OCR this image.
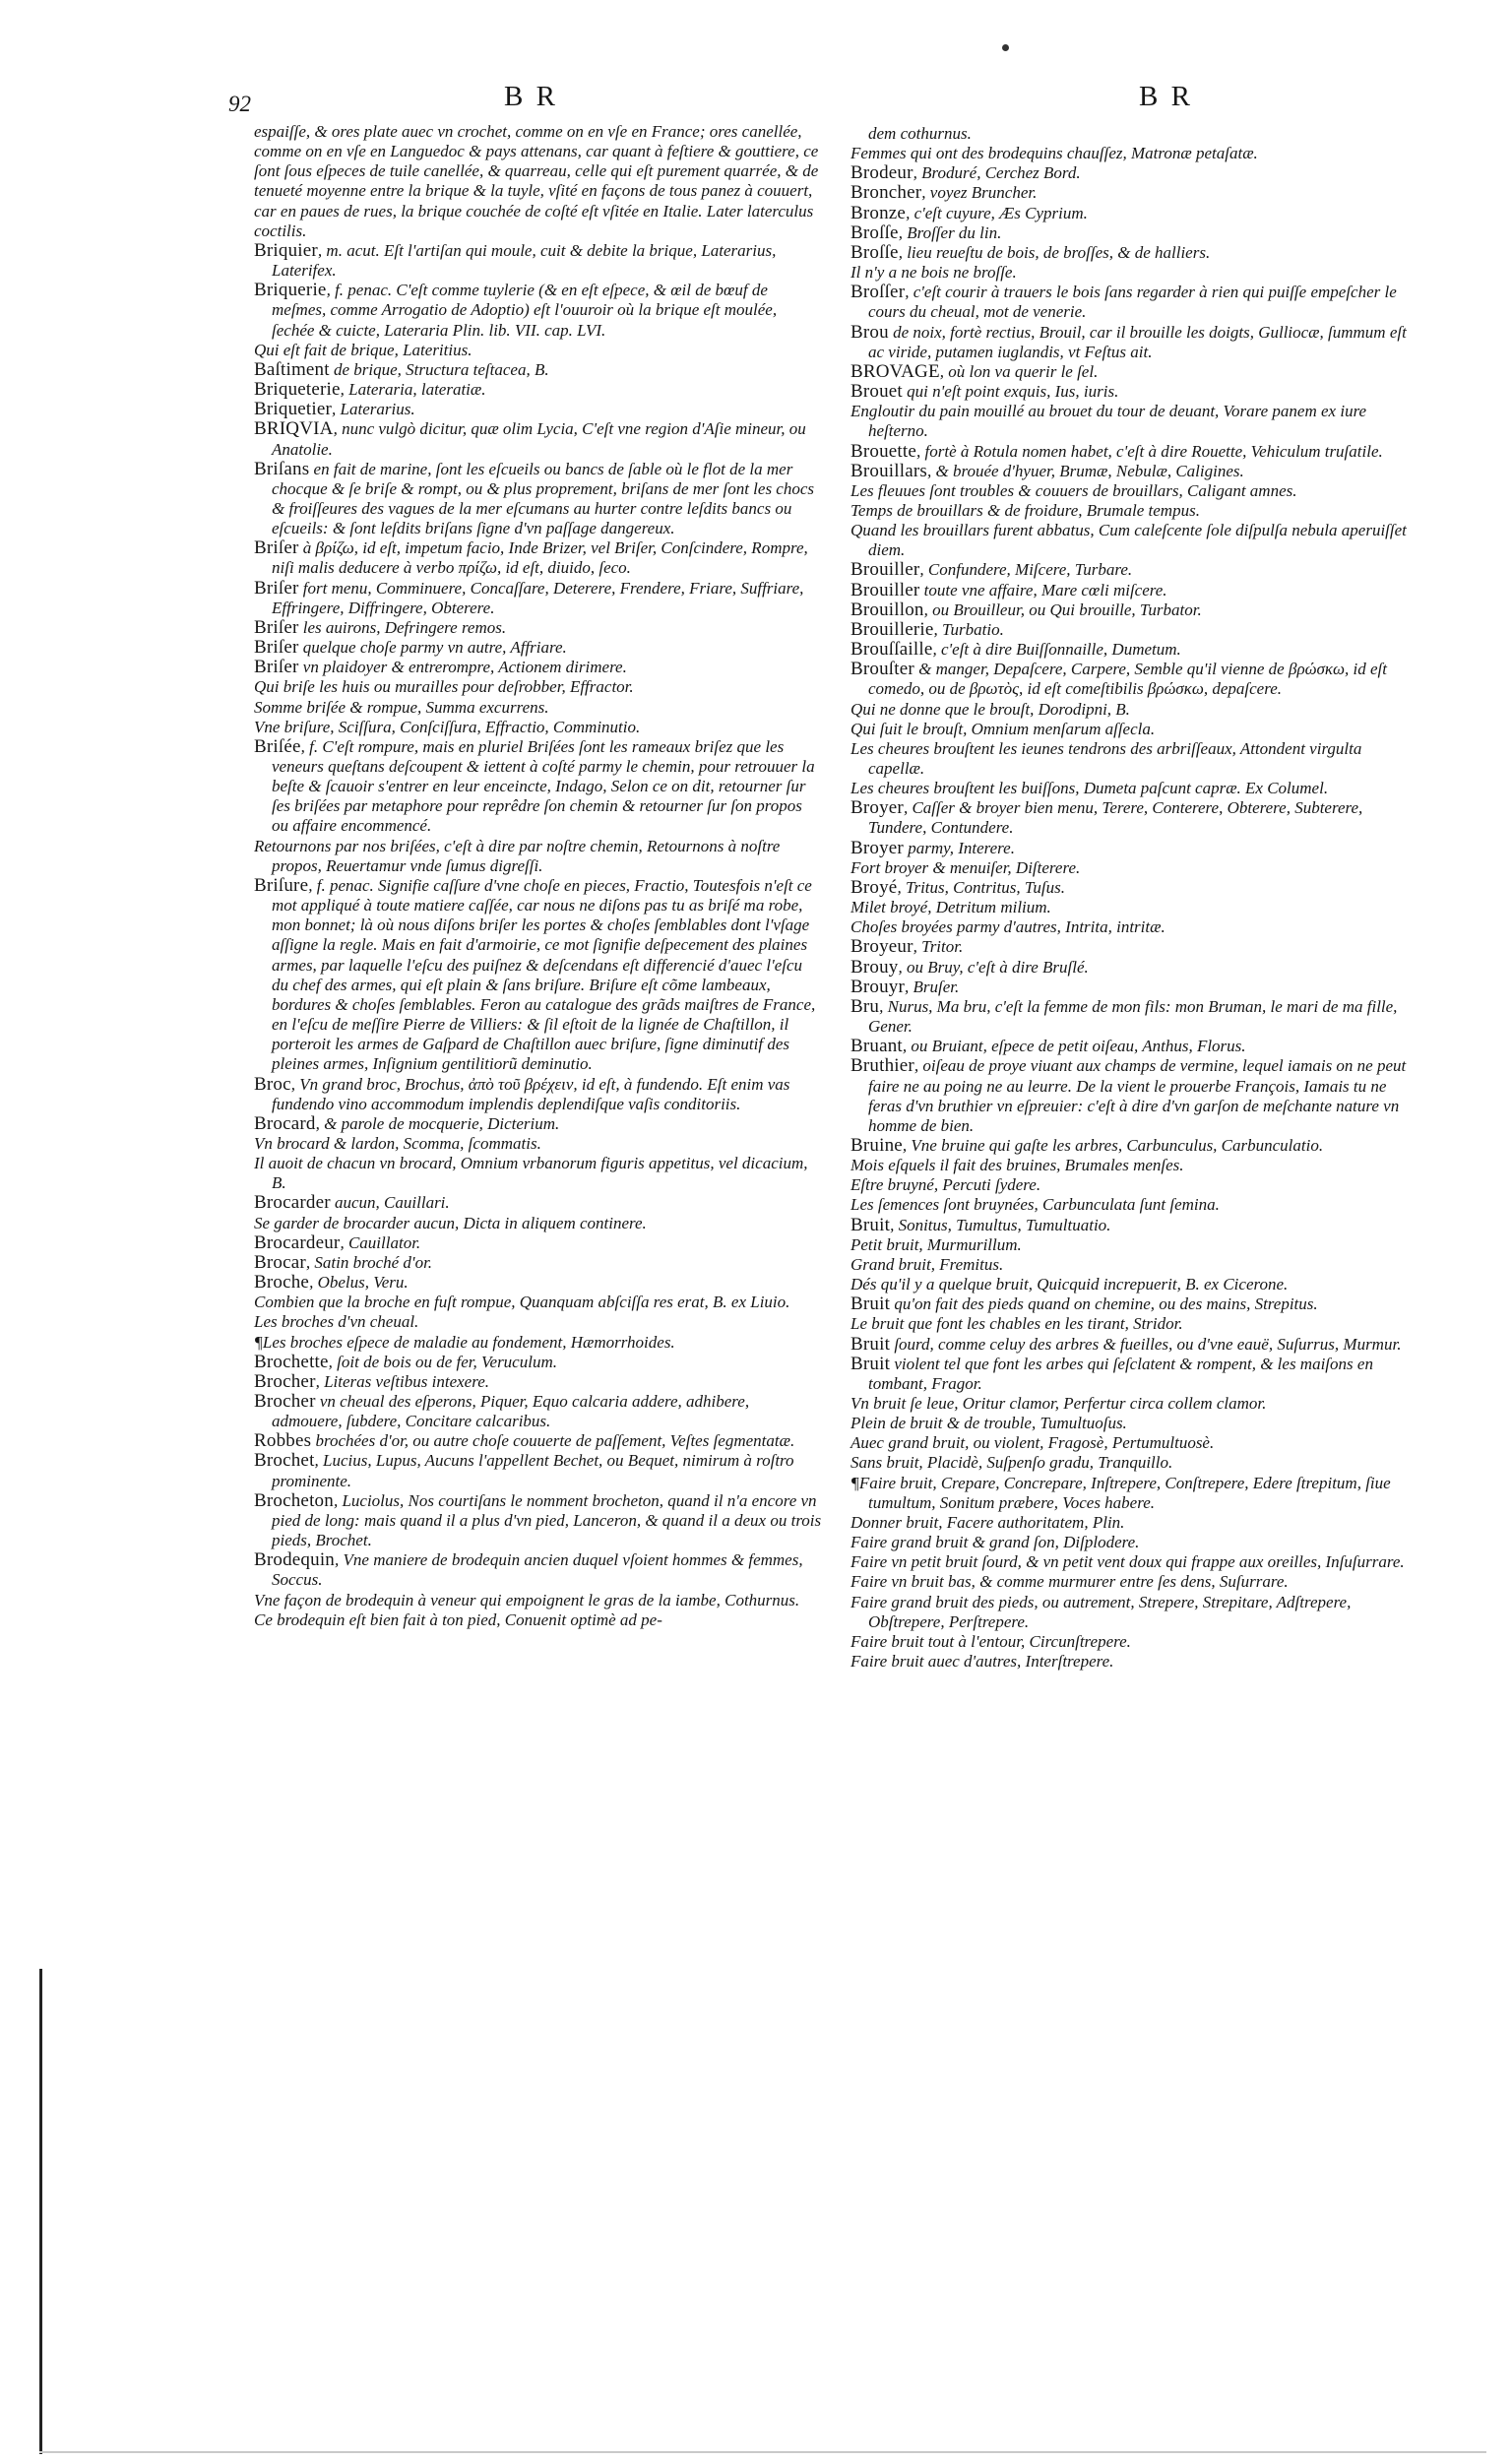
92	B R	B R

espaiſſe, & ores plate auec vn crochet, comme on en vſe en France; ores canellée, comme on en vſe en Languedoc & pays attenans, car quant à feſtiere & gouttiere, ce ſont ſous eſpeces de tuile canellée, & quarreau, celle qui eſt purement quarrée, & de tenueté moyenne entre la brique & la tuyle, vſité en façons de tous panez à couuert, car en paues de rues, la brique couchée de coſté eſt vſitée en Italie. Later laterculus coctilis.

Briquier, m. acut. Eſt l'artiſan qui moule, cuit & debite la brique, Laterarius, Laterifex.

Briquerie, f. penac. C'eſt comme tuylerie (& en eſt eſpece, & œil de bœuf de meſmes, comme Arrogatio de Adoptio) eſt l'ouuroir où la brique eſt moulée, ſechée & cuicte, Lateraria Plin. lib. VII. cap. LVI.

Qui eſt fait de brique, Lateritius.

Baſtiment de brique, Structura teſtacea, B.

Briqueterie, Lateraria, lateratiæ.

Briquetier, Laterarius.

BRIQVIA, nunc vulgò dicitur, quæ olim Lycia, C'eſt vne region d'Aſie mineur, ou Anatolie.

Briſans en fait de marine, ſont les eſcueils ou bancs de ſable où le flot de la mer chocque & ſe briſe & rompt, ou & plus proprement, briſans de mer ſont les chocs & froiſſeures des vagues de la mer eſcumans au hurter contre leſdits bancs ou eſcueils: & ſont leſdits briſans ſigne d'vn paſſage dangereux.

Briſer à βρίζω, id eſt, impetum facio, Inde Brizer, vel Briſer, Conſcindere, Rompre, niſi malis deducere à verbo πρίζω, id eſt, diuido, ſeco.

Briſer fort menu, Comminuere, Concaſſare, Deterere, Frendere, Friare, Suffriare, Effringere, Diffringere, Obterere.

Briſer les auirons, Defringere remos.

Briſer quelque choſe parmy vn autre, Affriare.

Briſer vn plaidoyer & entrerompre, Actionem dirimere.

Qui briſe les huis ou murailles pour deſrobber, Effractor.

Somme briſée & rompue, Summa excurrens.

Vne briſure, Sciſſura, Conſciſſura, Effractio, Comminutio.

Briſée, f. C'eſt rompure, mais en pluriel Briſées ſont les rameaux briſez que les veneurs queſtans deſcoupent & iettent à coſté parmy le chemin, pour retrouuer la beſte & ſcauoir s'entrer en leur enceincte, Indago, Selon ce on dit, retourner ſur ſes briſées par metaphore pour reprêdre ſon chemin & retourner ſur ſon propos ou affaire encommencé.

Retournons par nos briſées, c'eſt à dire par noſtre chemin, Retournons à noſtre propos, Reuertamur vnde ſumus digreſſi.

Briſure, f. penac. Signifie caſſure d'vne choſe en pieces, Fractio, Toutesfois n'eſt ce mot appliqué à toute matiere caſſée, car nous ne diſons pas tu as briſé ma robe, mon bonnet; là où nous diſons briſer les portes & choſes ſemblables dont l'vſage aſſigne la regle. Mais en fait d'armoirie, ce mot ſignifie deſpecement des plaines armes, par laquelle l'eſcu des puiſnez & deſcendans eſt differencié d'auec l'eſcu du chef des armes, qui eſt plain & ſans briſure. Briſure eſt cõme lambeaux, bordures & choſes ſemblables. Feron au catalogue des grãds maiſtres de France, en l'eſcu de meſſire Pierre de Villiers: & ſil eſtoit de la lignée de Chaſtillon, il porteroit les armes de Gaſpard de Chaſtillon auec briſure, ſigne diminutif des pleines armes, Inſignium gentilitiorũ deminutio.

Broc, Vn grand broc, Brochus, ἀπὸ τοῦ βρέχειν, id eſt, à fundendo. Eſt enim vas fundendo vino accommodum implendis deplendiſque vaſis conditoriis.

Brocard, & parole de mocquerie, Dicterium.

Vn brocard & lardon, Scomma, ſcommatis.

Il auoit de chacun vn brocard, Omnium vrbanorum figuris appetitus, vel dicacium, B.

Brocarder aucun, Cauillari.

Se garder de brocarder aucun, Dicta in aliquem continere.

Brocardeur, Cauillator.

Brocar, Satin broché d'or.

Broche, Obelus, Veru.

Combien que la broche en fuſt rompue, Quanquam abſciſſa res erat, B. ex Liuio.

Les broches d'vn cheual.

¶Les broches eſpece de maladie au fondement, Hæmorrhoides.

Brochette, ſoit de bois ou de fer, Veruculum.

Brocher, Literas veſtibus intexere.

Brocher vn cheual des eſperons, Piquer, Equo calcaria addere, adhibere, admouere, ſubdere, Concitare calcaribus.

Robbes brochées d'or, ou autre choſe couuerte de paſſement, Veſtes ſegmentatæ.

Brochet, Lucius, Lupus, Aucuns l'appellent Bechet, ou Bequet, nimirum à roſtro prominente.

Brocheton, Luciolus, Nos courtiſans le nomment brocheton, quand il n'a encore vn pied de long: mais quand il a plus d'vn pied, Lanceron, & quand il a deux ou trois pieds, Brochet.

Brodequin, Vne maniere de brodequin ancien duquel vſoient hommes & femmes, Soccus.

Vne façon de brodequin à veneur qui empoignent le gras de la iambe, Cothurnus.

Ce brodequin eſt bien fait à ton pied, Conuenit optimè ad pe-

dem cothurnus.

Femmes qui ont des brodequins chauſſez, Matronæ petaſatæ.

Brodeur, Broduré, Cerchez Bord.

Broncher, voyez Bruncher.

Bronze, c'eſt cuyure, Æs Cyprium.

Broſſe, Broſſer du lin.

Broſſe, lieu reueſtu de bois, de broſſes, & de halliers.

Il n'y a ne bois ne broſſe.

Broſſer, c'eſt courir à trauers le bois ſans regarder à rien qui puiſſe empeſcher le cours du cheual, mot de venerie.

Brou de noix, fortè rectius, Brouil, car il brouille les doigts, Gulliocæ, ſummum eſt ac viride, putamen iuglandis, vt Feſtus ait.

BROVAGE, où lon va querir le ſel.

Brouet qui n'eſt point exquis, Ius, iuris.

Engloutir du pain mouillé au brouet du tour de deuant, Vorare panem ex iure heſterno.

Brouette, fortè à Rotula nomen habet, c'eſt à dire Rouette, Vehiculum truſatile.

Brouillars, & brouée d'hyuer, Brumæ, Nebulæ, Caligines.

Les fleuues ſont troubles & couuers de brouillars, Caligant amnes.

Temps de brouillars & de froidure, Brumale tempus.

Quand les brouillars furent abbatus, Cum caleſcente ſole diſpulſa nebula aperuiſſet diem.

Brouiller, Confundere, Miſcere, Turbare.

Brouiller toute vne affaire, Mare cœli miſcere.

Brouillon, ou Brouilleur, ou Qui brouille, Turbator.

Brouillerie, Turbatio.

Brouſſaille, c'eſt à dire Buiſſonnaille, Dumetum.

Brouſter & manger, Depaſcere, Carpere, Semble qu'il vienne de βρώσκω, id eſt comedo, ou de βρωτὸς, id eſt comeſtibilis βρώσκω, depaſcere.

Qui ne donne que le brouſt, Dorodipni, B.

Qui ſuit le brouſt, Omnium menſarum aſſecla.

Les cheures brouſtent les ieunes tendrons des arbriſſeaux, Attondent virgulta capellæ.

Les cheures brouſtent les buiſſons, Dumeta paſcunt capræ. Ex Columel.

Broyer, Caſſer & broyer bien menu, Terere, Conterere, Obterere, Subterere, Tundere, Contundere.

Broyer parmy, Interere.

Fort broyer & menuiſer, Diſterere.

Broyé, Tritus, Contritus, Tuſus.

Milet broyé, Detritum milium.

Choſes broyées parmy d'autres, Intrita, intritæ.

Broyeur, Tritor.

Brouy, ou Bruy, c'eſt à dire Bruſlé.

Brouyr, Bruſer.

Bru, Nurus, Ma bru, c'eſt la femme de mon fils: mon Bruman, le mari de ma fille, Gener.

Bruant, ou Bruiant, eſpece de petit oiſeau, Anthus, Florus.

Bruthier, oiſeau de proye viuant aux champs de vermine, lequel iamais on ne peut faire ne au poing ne au leurre. De la vient le prouerbe François, Iamais tu ne feras d'vn bruthier vn eſpreuier: c'eſt à dire d'vn garſon de meſchante nature vn homme de bien.

Bruine, Vne bruine qui gaſte les arbres, Carbunculus, Carbunculatio.

Mois eſquels il fait des bruines, Brumales menſes.

Eſtre bruyné, Percuti ſydere.

Les ſemences ſont bruynées, Carbunculata ſunt ſemina.

Bruit, Sonitus, Tumultus, Tumultuatio.

Petit bruit, Murmurillum.

Grand bruit, Fremitus.

Dés qu'il y a quelque bruit, Quicquid increpuerit, B. ex Cicerone.

Bruit qu'on fait des pieds quand on chemine, ou des mains, Strepitus.

Le bruit que font les chables en les tirant, Stridor.

Bruit ſourd, comme celuy des arbres & fueilles, ou d'vne eauë, Suſurrus, Murmur.

Bruit violent tel que font les arbes qui ſeſclatent & rompent, & les maiſons en tombant, Fragor.

Vn bruit ſe leue, Oritur clamor, Perfertur circa collem clamor.

Plein de bruit & de trouble, Tumultuoſus.

Auec grand bruit, ou violent, Fragosè, Pertumultuosè.

Sans bruit, Placidè, Suſpenſo gradu, Tranquillo.

¶Faire bruit, Crepare, Concrepare, Inſtrepere, Conſtrepere, Edere ſtrepitum, ſiue tumultum, Sonitum præbere, Voces habere.

Donner bruit, Facere authoritatem, Plin.

Faire grand bruit & grand ſon, Diſplodere.

Faire vn petit bruit ſourd, & vn petit vent doux qui frappe aux oreilles, Inſuſurrare.

Faire vn bruit bas, & comme murmurer entre ſes dens, Suſurrare.

Faire grand bruit des pieds, ou autrement, Strepere, Strepitare, Adſtrepere, Obſtrepere, Perſtrepere.

Faire bruit tout à l'entour, Circunſtrepere.

Faire bruit auec d'autres, Interſtrepere.
